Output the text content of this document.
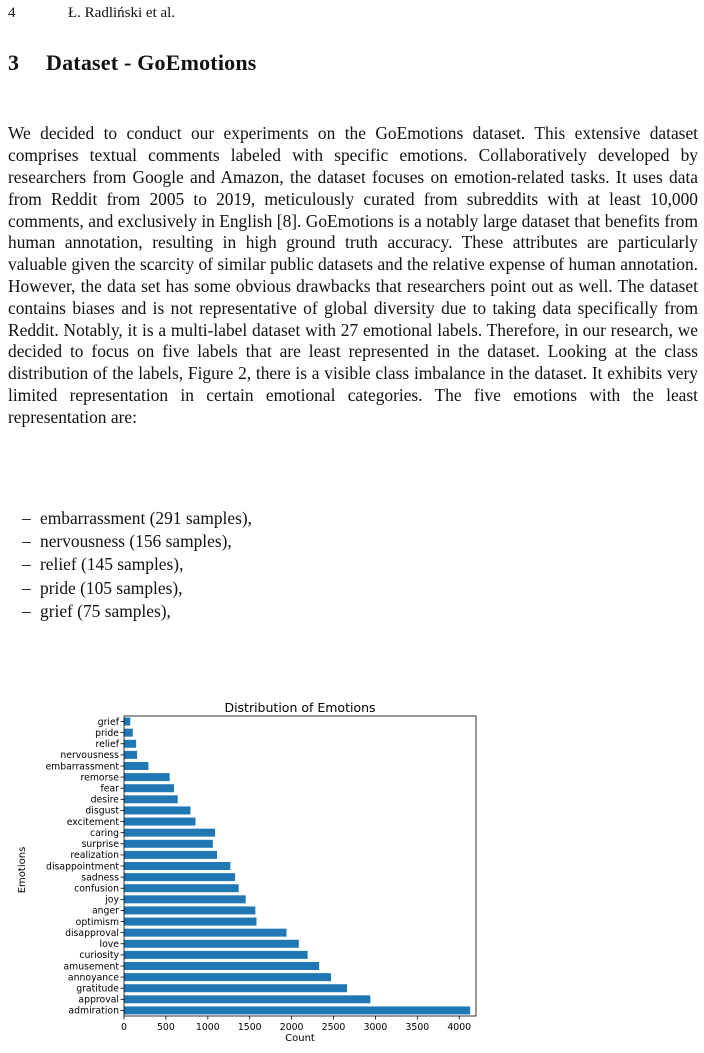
4	Ł. Radliński et al.
3 Dataset - GoEmotions

We decided to conduct our experiments on the GoEmotions dataset. This extensive dataset comprises textual comments labeled with specific emotions. Collaboratively developed by researchers from Google and Amazon, the dataset focuses on emotion-related tasks. It uses data from Reddit from 2005 to 2019, meticulously curated from subreddits with at least 10,000 comments, and exclusively in English [8]. GoEmotions is a notably large dataset that benefits from human annotation, resulting in high ground truth accuracy. These attributes are particularly valuable given the scarcity of similar public datasets and the relative expense of human annotation. However, the data set has some obvious drawbacks that researchers point out as well. The dataset contains biases and is not representative of global diversity due to taking data specifically from Reddit. Notably, it is a multi-label dataset with 27 emotional labels. Therefore, in our research, we decided to focus on five labels that are least represented in the dataset. Looking at the class distribution of the labels, Figure 2, there is a visible class imbalance in the dataset. It exhibits very limited representation in certain emotional categories. The five emotions with the least representation are:

– embarrassment (291 samples),
– nervousness (156 samples),
– relief (145 samples),
– pride (105 samples),
– grief (75 samples),
Distribution of Emotions
Count
Emotions
grief
pride
relief
nervousness
embarrassment
remorse
fear
desire
disgust
excitement
caring
surprise
realization
disappointment
sadness
confusion
joy
anger
optimism
disapproval
love
curiosity
amusement
annoyance
gratitude
approval
admiration
0	500 1000 1500 2000 2500 3000 3500 4000
